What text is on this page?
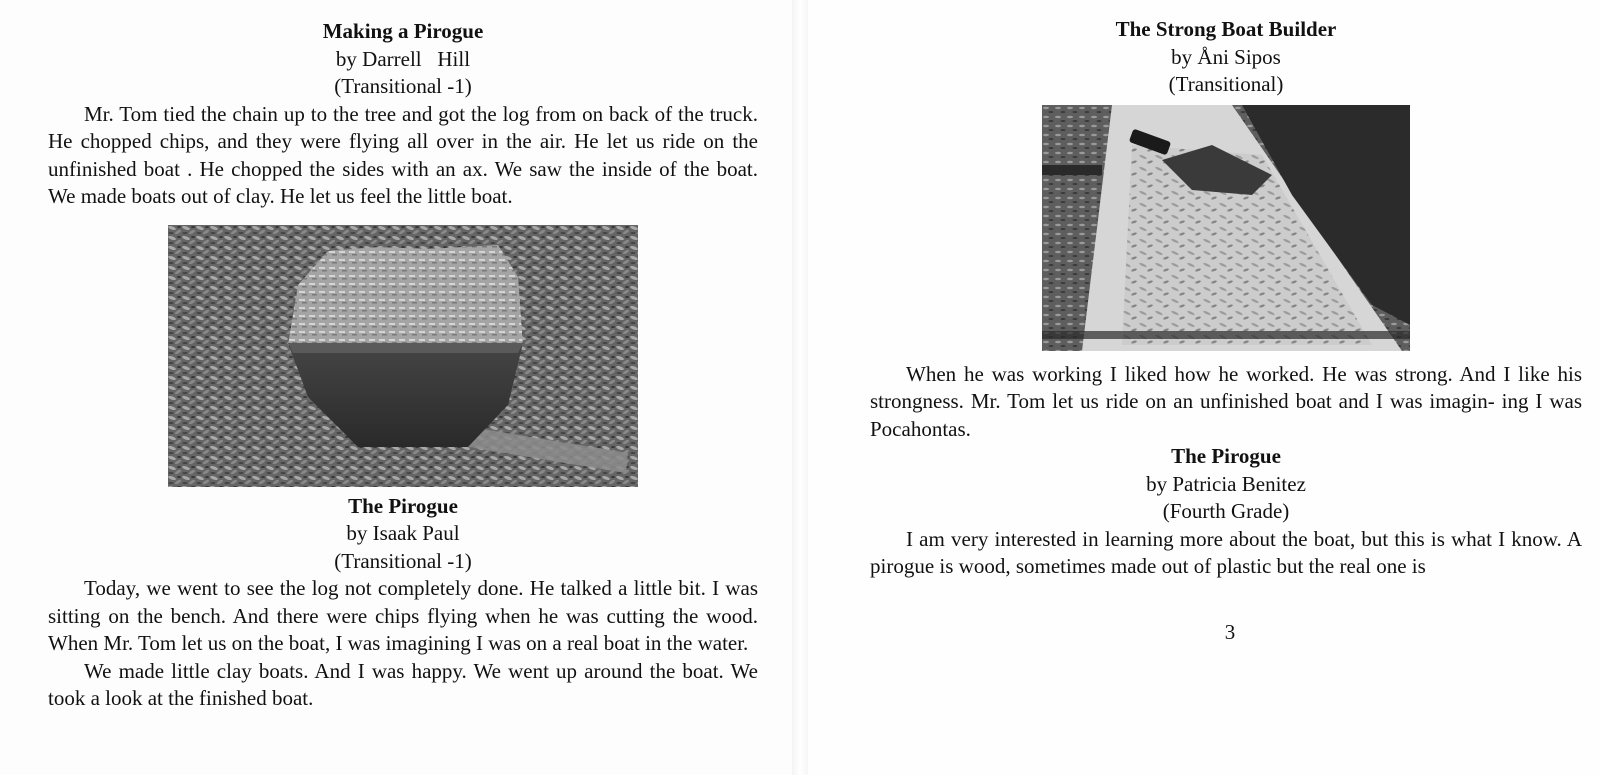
Making a Pirogue
by Darrell   Hill
(Transitional -1)

Mr. Tom tied the chain up to the tree and got the log from on back of the truck. He chopped chips, and they were flying all over in the air. He let us ride on the unfinished boat . He chopped the sides with an ax. We saw the inside of the boat. We made boats out of clay. He let us feel the little boat.

The Pirogue
by Isaak Paul
(Transitional -1)

Today, we went to see the log not completely done. He talked a little bit. I was sitting on the bench. And there were chips flying when he was cutting the wood. When Mr. Tom let us on the boat, I was imagining I was on a real boat in the water.

We made little clay boats. And I was happy. We went up around the boat. We took a look at the finished boat.

The Strong Boat Builder
by Åni Sipos
(Transitional)

When he was working I liked how he worked. He was strong. And I like his strongness. Mr. Tom let us ride on an unfinished boat and I was imagin- ing I was Pocahontas.

The Pirogue
by Patricia Benitez
(Fourth Grade)

I am very interested in learning more about the boat, but this is what I know. A pirogue is wood, sometimes made out of plastic but the real one is

3
